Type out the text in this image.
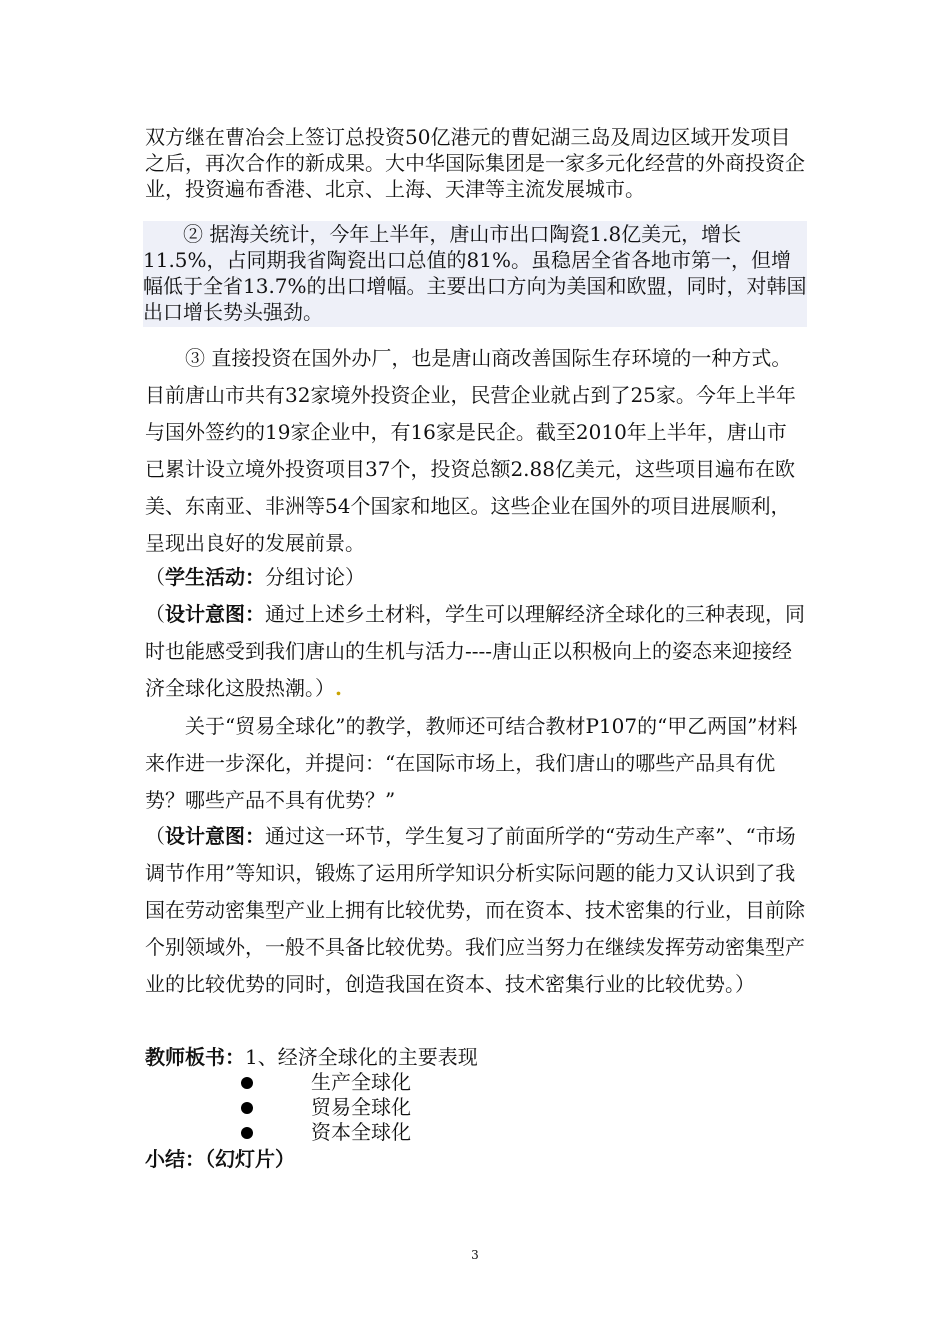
双方继在曹冶会上签订总投资50亿港元的曹妃湖三岛及周边区域开发项目之后，再次合作的新成果。大中华国际集团是一家多元化经营的外商投资企业，投资遍布香港、北京、上海、天津等主流发展城市。

② 据海关统计，今年上半年，唐山市出口陶瓷1.8亿美元，增长11.5%，占同期我省陶瓷出口总值的81%。虽稳居全省各地市第一，但增幅低于全省13.7%的出口增幅。主要出口方向为美国和欧盟，同时，对韩国出口增长势头强劲。

③ 直接投资在国外办厂，也是唐山商改善国际生存环境的一种方式。目前唐山市共有32家境外投资企业，民营企业就占到了25家。今年上半年与国外签约的19家企业中，有16家是民企。截至2010年上半年，唐山市已累计设立境外投资项目37个，投资总额2.88亿美元，这些项目遍布在欧美、东南亚、非洲等54个国家和地区。这些企业在国外的项目进展顺利，呈现出良好的发展前景。

（学生活动：分组讨论）

（设计意图：通过上述乡土材料，学生可以理解经济全球化的三种表现，同时也能感受到我们唐山的生机与活力----唐山正以积极向上的姿态来迎接经济全球化这股热潮。）.

关于“贸易全球化”的教学，教师还可结合教材P107的“甲乙两国”材料来作进一步深化，并提问：“在国际市场上，我们唐山的哪些产品具有优势？哪些产品不具有优势？”

（设计意图：通过这一环节，学生复习了前面所学的“劳动生产率”、“市场调节作用”等知识，锻炼了运用所学知识分析实际问题的能力又认识到了我国在劳动密集型产业上拥有比较优势，而在资本、技术密集的行业，目前除个别领域外，一般不具备比较优势。我们应当努力在继续发挥劳动密集型产业的比较优势的同时，创造我国在资本、技术密集行业的比较优势。）

教师板书：1、经济全球化的主要表现

生产全球化
贸易全球化
资本全球化

小结：（幻灯片）

3
